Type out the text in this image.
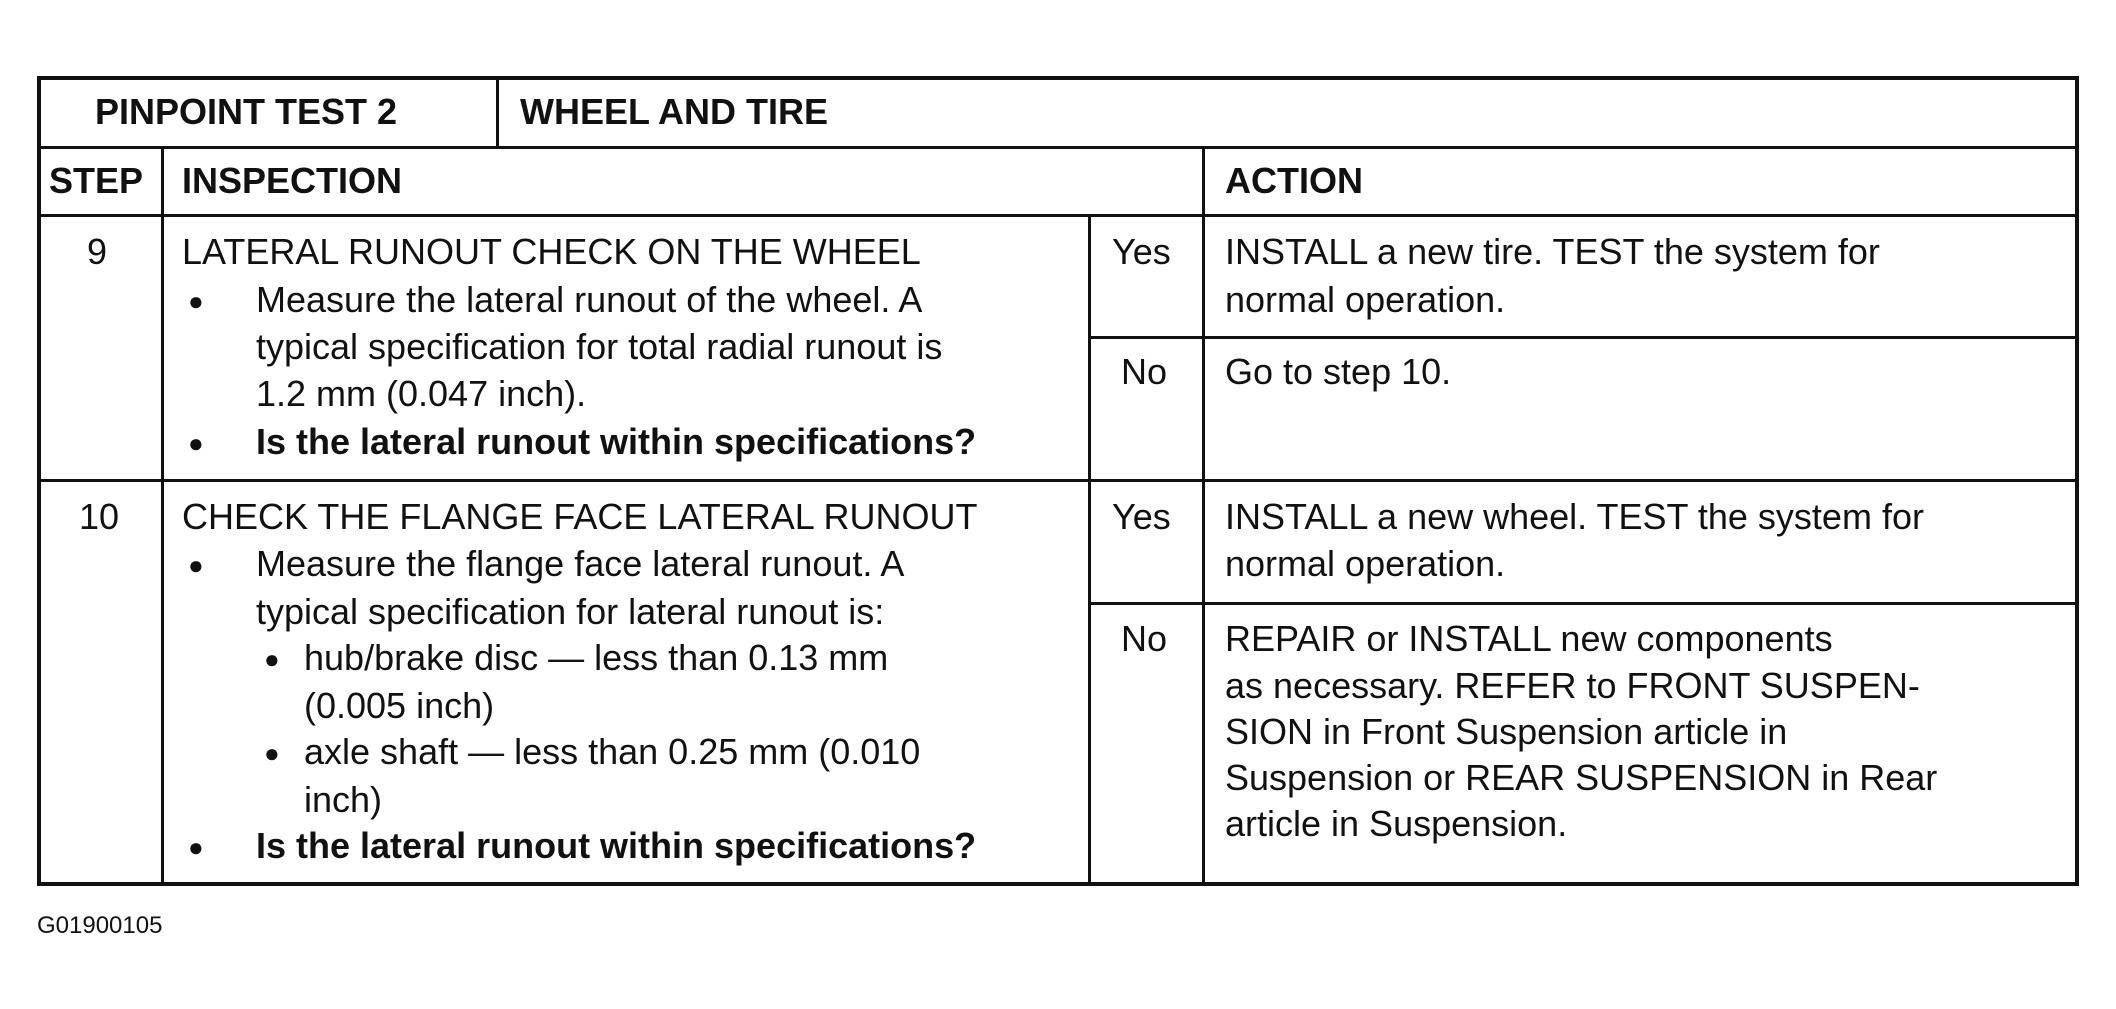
PINPOINT TEST 2	WHEEL AND TIRE
STEP INSPECTION	ACTION
9 LATERAL RUNOUT CHECK ON THE WHEEL
● Measure the lateral runout of the wheel. A
typical specification for total radial runout is
1.2 mm (0.047 inch).
● Is the lateral runout within specifications?
Yes INSTALL a new tire. TEST the system for
normal operation.
No Go to step 10.
10 CHECK THE FLANGE FACE LATERAL RUNOUT
● Measure the flange face lateral runout. A
typical specification for lateral runout is:
● hub/brake disc — less than 0.13 mm
(0.005 inch)
● axle shaft — less than 0.25 mm (0.010
inch)
● Is the lateral runout within specifications?
Yes INSTALL a new wheel. TEST the system for
normal operation.
No REPAIR or INSTALL new components
as necessary. REFER to FRONT SUSPEN-
SION in Front Suspension article in
Suspension or REAR SUSPENSION in Rear
article in Suspension.
G01900105
